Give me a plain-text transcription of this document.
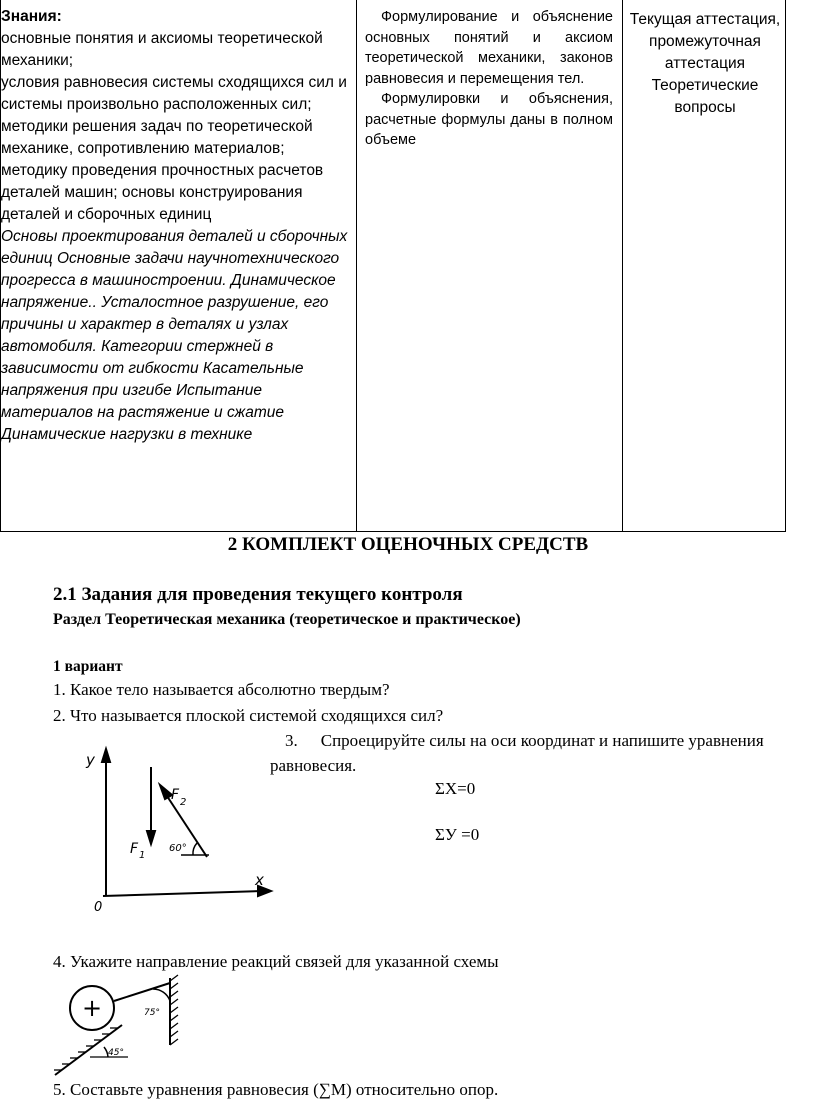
Знания:
основные понятия и аксиомы теоретической механики;
условия равновесия системы сходящихся сил и системы произвольно расположенных сил;
методики решения задач по теоретической механике, сопротивлению материалов; методику проведения прочностных расчетов деталей машин; основы конструирования деталей и сборочных единиц
Основы проектирования деталей и сборочных единиц Основные задачи научнотехнического прогресса в машиностроении. Динамическое напряжение.. Усталостное разрушение, его причины и характер в деталях и узлах автомобиля. Категории стержней в зависимости от гибкости Касательные напряжения при изгибе Испытание материалов на растяжение и сжатие Динамические нагрузки в технике

Формулирование и объяснение основных понятий и аксиом теоретической механики, законов равновесия и перемещения тел.

Формулировки и объяснения, расчетные формулы даны в полном объеме

Текущая аттестация, промежуточная аттестация Теоретические вопросы
2 КОМПЛЕКТ ОЦЕНОЧНЫХ СРЕДСТВ
2.1 Задания для проведения текущего контроля
Раздел Теоретическая механика (теоретическое и практическое)
1 вариант
1. Какое тело называется абсолютно твердым?
2. Что называется плоской системой сходящихся сил?
3. Спроецируйте силы на оси координат и напишите уравнения
равновесия.
ΣX=0
ΣУ =0
4. Укажите направление реакций связей для указанной схемы
5. Составьте уравнения равновесия (∑M) относительно опор.
y
x
0
F 1
F 2
60°
+	75°
45°
